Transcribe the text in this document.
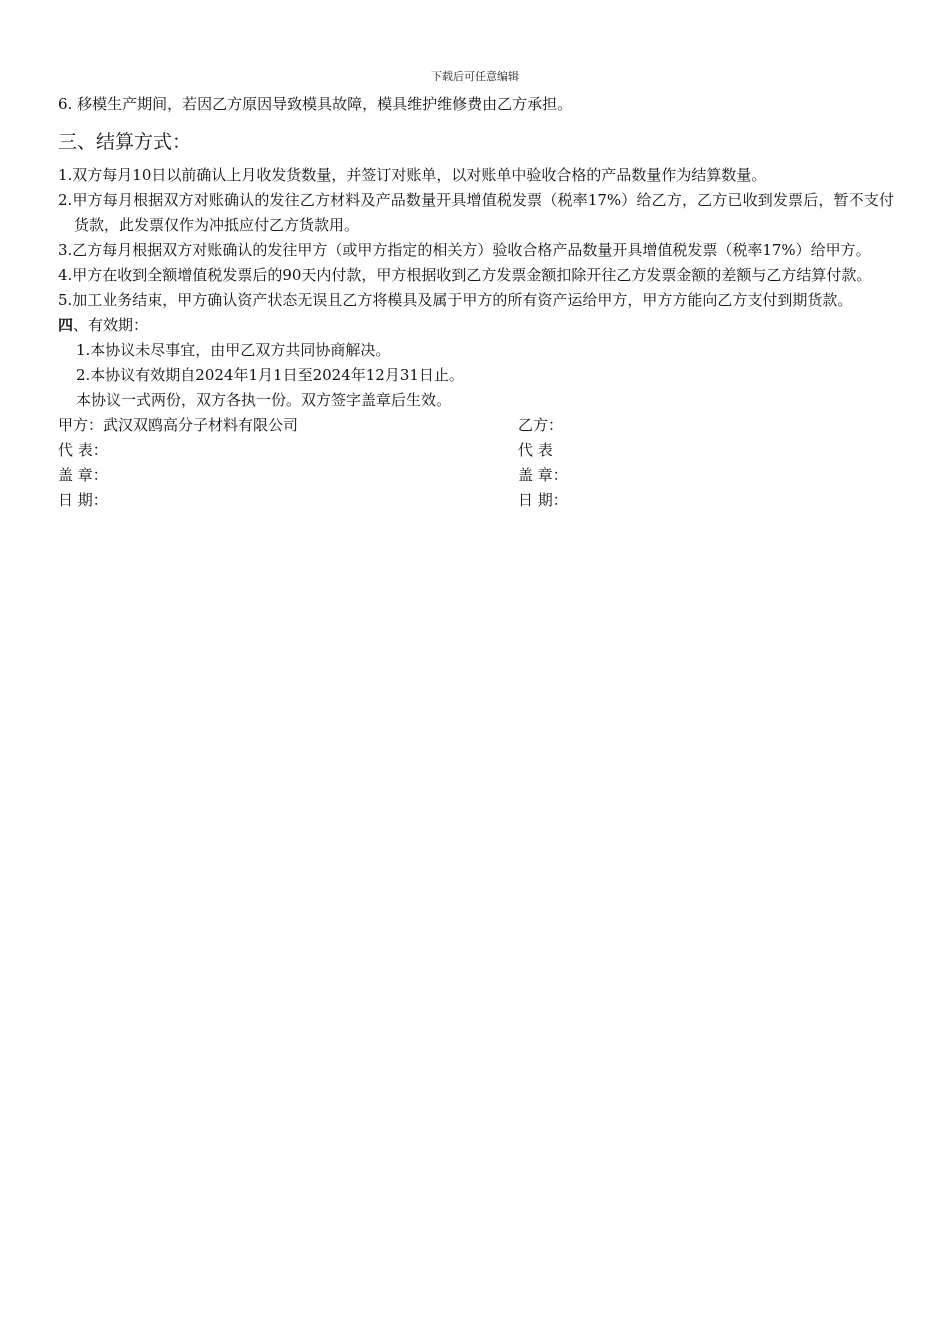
下载后可任意编辑
6. 移模生产期间，若因乙方原因导致模具故障，模具维护维修费由乙方承担。
三、结算方式：
1.双方每月10日以前确认上月收发货数量，并签订对账单，以对账单中验收合格的产品数量作为结算数量。
2.甲方每月根据双方对账确认的发往乙方材料及产品数量开具增值税发票（税率17%）给乙方，乙方已收到发票后，暂不支付货款，此发票仅作为冲抵应付乙方货款用。
3.乙方每月根据双方对账确认的发往甲方（或甲方指定的相关方）验收合格产品数量开具增值税发票（税率17%）给甲方。
4.甲方在收到全额增值税发票后的90天内付款，甲方根据收到乙方发票金额扣除开往乙方发票金额的差额与乙方结算付款。
5.加工业务结束，甲方确认资产状态无误且乙方将模具及属于甲方的所有资产运给甲方，甲方方能向乙方支付到期货款。
四、有效期：
1.本协议未尽事宜，由甲乙双方共同协商解决。
2.本协议有效期自2024年1月1日至2024年12月31日止。
本协议一式两份，双方各执一份。双方签字盖章后生效。
甲方：武汉双鸥高分子材料有限公司	乙方：
代 表：	代 表
盖 章：	盖 章：
日 期：	日 期：
